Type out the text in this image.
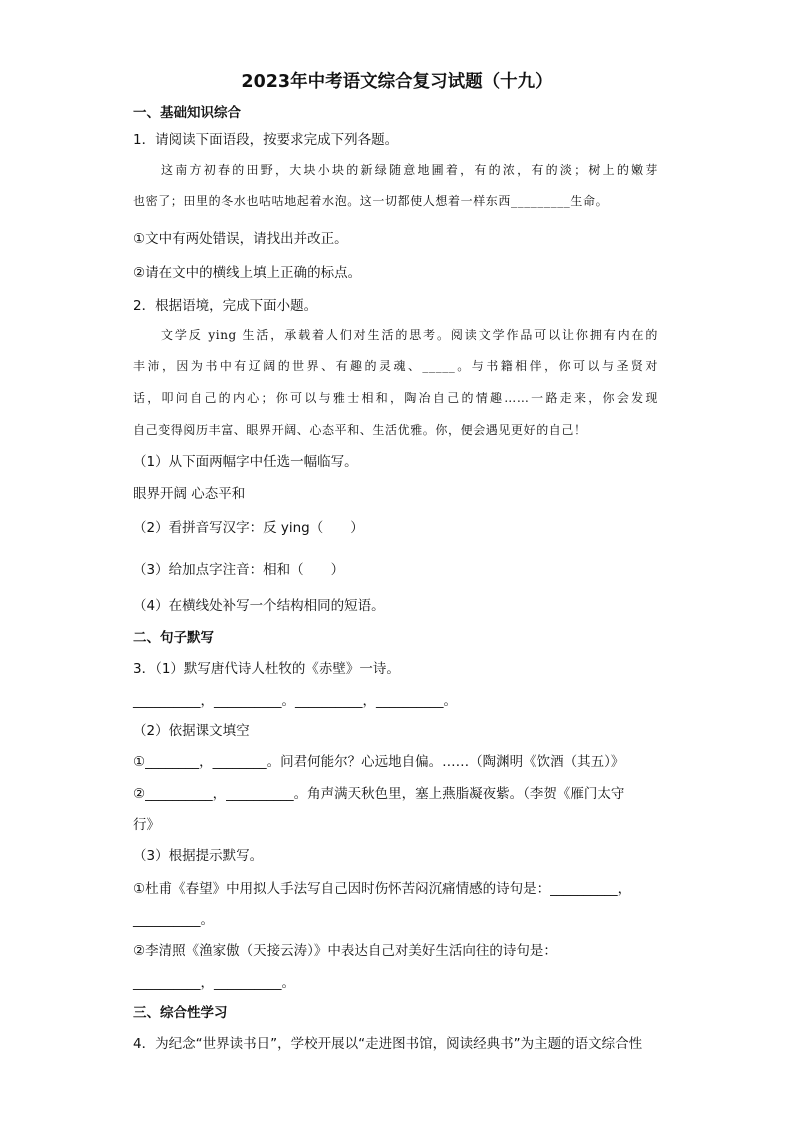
2023年中考语文综合复习试题（十九）
一、基础知识综合
1．请阅读下面语段，按要求完成下列各题。
这南方初春的田野，大块小块的新绿随意地圃着，有的浓，有的淡；树上的嫩芽
也密了；田里的冬水也咕咕地起着水泡。这一切都使人想着一样东西_________生命。
①文中有两处错误，请找出并改正。
②请在文中的横线上填上正确的标点。
2．根据语境，完成下面小题。
文学反 ying 生活，承载着人们对生活的思考。阅读文学作品可以让你拥有内在的
丰沛，因为书中有辽阔的世界、有趣的灵魂、_____。与书籍相伴，你可以与圣贤对
话，叩问自己的内心；你可以与雅士相和，陶冶自己的情趣……一路走来，你会发现
自己变得阅历丰富、眼界开阔、心态平和、生活优雅。你，便会遇见更好的自己！
（1）从下面两幅字中任选一幅临写。
眼界开阔 心态平和
（2）看拼音写汉字：反 ying（　　）
（3）给加点字注音：相和（　　）
（4）在横线处补写一个结构相同的短语。
二、句子默写
3．（1）默写唐代诗人杜牧的《赤壁》一诗。
__________，__________。__________，__________。
（2）依据课文填空
①________，________。问君何能尔？心远地自偏。……（陶渊明《饮酒（其五）》
②__________，__________。角声满天秋色里，塞上燕脂凝夜紫。（李贺《雁门太守
行》
（3）根据提示默写。
①杜甫《春望》中用拟人手法写自己因时伤怀苦闷沉痛情感的诗句是：__________，
__________。
②李清照《渔家傲（天接云涛）》中表达自己对美好生活向往的诗句是：
__________，__________。
三、综合性学习
4．为纪念“世界读书日”，学校开展以“走进图书馆，阅读经典书”为主题的语文综合性
